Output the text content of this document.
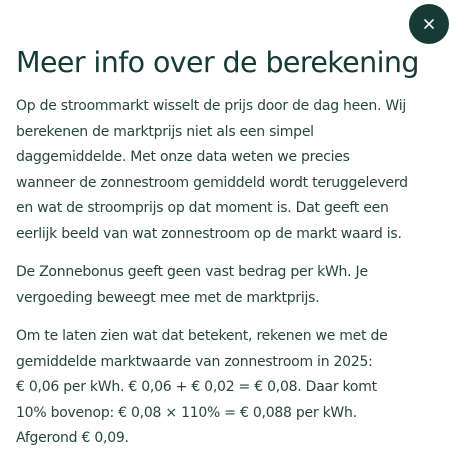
Meer info over de berekening

Op de stroommarkt wisselt de prijs door de dag heen. Wij
berekenen de marktprijs niet als een simpel
daggemiddelde. Met onze data weten we precies
wanneer de zonnestroom gemiddeld wordt teruggeleverd
en wat de stroomprijs op dat moment is. Dat geeft een
eerlijk beeld van wat zonnestroom op de markt waard is.

De Zonnebonus geeft geen vast bedrag per kWh. Je
vergoeding beweegt mee met de marktprijs.

Om te laten zien wat dat betekent, rekenen we met de
gemiddelde marktwaarde van zonnestroom in 2025:
€ 0,06 per kWh. € 0,06 + € 0,02 = € 0,08. Daar komt
10% bovenop: € 0,08 × 110% = € 0,088 per kWh.
Afgerond € 0,09.
